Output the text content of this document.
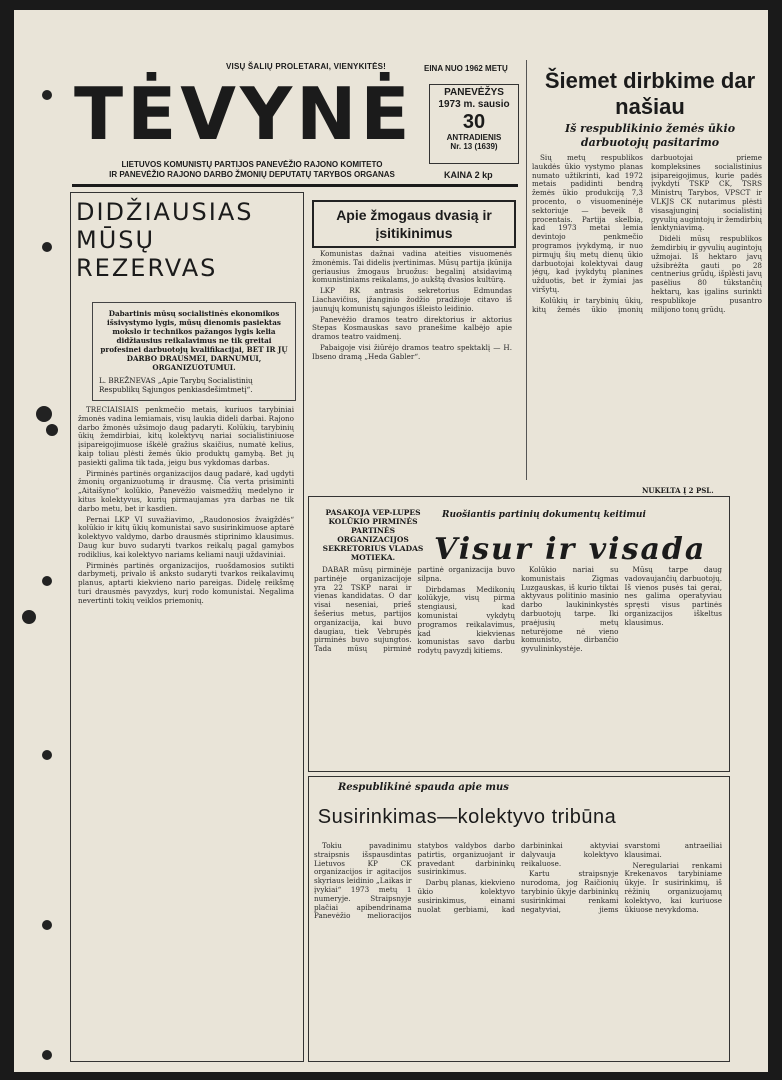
VISŲ ŠALIŲ PROLETARAI, VIENYKITĖS!
TĖVYNĖ
LIETUVOS KOMUNISTŲ PARTIJOS PANEVĖŽIO RAJONO KOMITETO
IR PANEVĖŽIO RAJONO DARBO ŽMONIŲ DEPUTATŲ TARYBOS ORGANAS
EINA NUO 1962 METŲ
PANEVĖŽYS 1973 m. sausio
30
ANTRADIENIS
Nr. 13 (1639)
KAINA 2 kp
Šiemet dirbkime dar našiau
Iš respublikinio žemės ūkio darbuotojų pasitarimo

Šių metų respublikos laukdės ūkio vystymo planas numato užtikrinti, kad 1972 metais padidinti bendrą žemės ūkio produkciją 7,3 procento, o visuomeninėje sektoriuje — beveik 8 procentais. Partija skelbia, kad 1973 metai lemia devintojo penkmečio programos įvykdymą, ir nuo pirmųjų šių metų dienų ūkio darbuotojai kolektyvai daug jėgų, kad įvykdytų planines užduotis, bet ir žymiai jas viršytų.

Kolūkių ir tarybinių ūkių, kitų žemės ūkio įmonių darbuotojai prieme kompleksines socialistinius įsipareigojimus, kurie padės įvykdyti TSKP CK, TSRS Ministrų Tarybos, VPSCT ir VLKJS CK nutarimus plėsti visasąjunginį socialistinį gyvulių augintojų ir žemdirbių lenktyniavimą.

Didėli mūsų respublikos žemdirbių ir gyvulių augintojų užmojai. Iš hektaro javų užsibrėžta gauti po 28 centnerius grūdų, išplėsti javų pasėlius 80 tūkstančių hektarų, kas įgalins surinkti respublikoje pusantro milijono tonų grūdų.

NUKELTA Į 2 PSL.
DIDŽIAUSIAS MŪSŲ REZERVAS
Dabartinis mūsų socialistinės ekonomikos išsivystymo lygis, mūsų dienomis pasiektas mokslo ir technikos pažangos lygis kelia didžiausius reikalavimus ne tik greitai profesinei darbuotojų kvalifikacijai, BET IR JŲ DARBO DRAUSMEI, DARNUMUI, ORGANIZUOTUMUI.
L. BREŽNEVAS „Apie Tarybų Socialistinių Respublikų Sąjungos penkiasdešimtmetį“.

TREČIAISIAIS penkmečio metais, kuriuos tarybiniai žmonės vadina lemiamais, visų laukia dideli darbai. Rajono darbo žmonės užsimojo daug padaryti. Kolūkių, tarybinių ūkių žemdirbiai, kitų kolektyvų nariai socialistiniuose įsipareigojimuose iškėlė gražius skaičius, numatė kelius, kaip toliau plėsti žemės ūkio produktų gamybą. Bet jų pasiekti galima tik tada, jeigu bus vykdomas darbas.

Pirminės partinės organizacijos daug padarė, kad ugdyti žmonių organizuotumą ir drausmę. Čia verta prisiminti „Aitaišyno“ kolūkio, Panevėžio vaismedžių medelyno ir kitus kolektyvus, kurių pirmaujamas yra darbas ne tik darbo metu, bet ir kasdien.

Pernai LKP VI suvažiavimo, „Raudonosios žvaigždės“ kolūkio ir kitų ūkių komunistai savo susirinkimuose aptarė kolektyvo valdymo, darbo drausmės stiprinimo klausimus. Daug kur buvo sudaryti tvarkos reikalų pagal gamybos rodiklius, kai kolektyvo nariams keliami nauji uždaviniai.

Pirminės partinės organizacijos, ruošdamosios sutikti darbymetį, privalo iš anksto sudaryti tvarkos reikalavimų planus, aptarti kiekvieno nario pareigas. Didelę reikšmę turi drausmės pavyzdys, kurį rodo komunistai. Negalima nevertinti tokių veiklos priemonių.

Apie žmogaus dvasią ir įsitikinimus

Komunistas dažnai vadina ateities visuomenės žmonėmis. Tai didelis įvertinimas. Mūsų partija įkūnija geriausius žmogaus bruožus: begalinį atsidavimą komunistiniams reikalams, jo aukštą dvasios kultūrą.

LKP RK antrasis sekretorius Edmundas Liachavičius, įžanginio žodžio pradžioje citavo iš jaunųjų komunistų sąjungos išleisto leidinio.

Panevėžio dramos teatro direktorius ir aktorius Stepas Kosmauskas savo pranešime kalbėjo apie dramos teatro vaidmenį.

Pabaigoje visi žiūrėjo dramos teatro spektaklį — H. Ibseno dramą „Heda Gabler“.

PASAKOJA VEP-LUPES KOLŪKIO PIRMINĖS PARTINĖS ORGANIZACIJOS SEKRETORIUS VLADAS MOTIEKA.
Ruošiantis partinių dokumentų keitimui
Visur ir visada

DABAR mūsų pirminėje partinėje organizacijoje yra 22 TSKP narai ir vienas kandidatas. O dar visai neseniai, prieš šešerius metus, partijos organizacija, kai buvo daugiau, tiek Vebrupės pirminės buvo sujungtos. Tada mūsų pirminė partinė organizacija buvo silpna.

Dirbdamas Medikonių kolūkyje, visų pirma stengiausi, kad komunistai vykdytų programos reikalavimus, kad kiekvienas komunistas savo darbu rodytų pavyzdį kitiems.

Kolūkio nariai su komunistais Zigmas Luzgauskas, iš kurio tiktai aktyvaus politinio masinio darbo laukininkystės darbuotojų tarpe. Iki praėjusių metų neturėjome nė vieno komunisto, dirbančio gyvulininkystėje.

Mūsų tarpe daug vadovaujančių darbuotojų. Iš vienos pusės tai gerai, nes galima operatyviau spręsti visus partinės organizacijos iškeltus klausimus.

Respublikinė spauda apie mus
Susirinkimas—kolektyvo tribūna

Tokiu pavadinimu straipsnis išspausdintas Lietuvos KP CK organizacijos ir agitacijos skyriaus leidinio „Laikas ir įvykiai“ 1973 metų 1 numeryje. Straipsnyje plačiai apibendrinama Panevėžio melioracijos statybos valdybos darbo patirtis, organizuojant ir pravedant darbininkų susirinkimus.

Darbų planas, kiekvieno ūkio kolektyvo susirinkimus, einami nuolat gerbiami, kad darbininkai aktyviai dalyvauja kolektyvo reikaluose.

Kartu straipsnyje nurodoma, jog Raičionių tarybinio ūkyje darbininkų susirinkimai renkami negatyviai, jiems svarstomi antraeiliai klausimai.

Neregulariai renkami Krekenavos tarybiniame ūkyje. Ir susirinkimų, iš rėžinių organizuojamų kolektyvo, kai kuriuose ūkiuose nevykdoma.
